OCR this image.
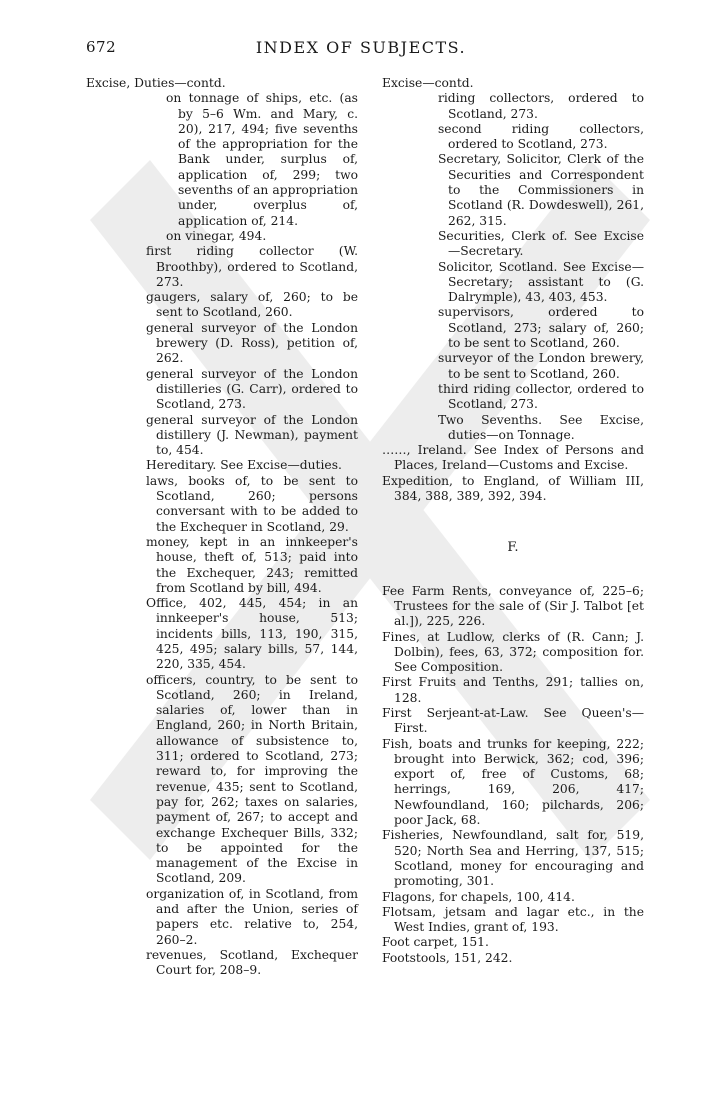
672	INDEX OF SUBJECTS.
Excise, Duties—contd.
on tonnage of ships, etc. (as by 5–6 Wm. and Mary, c. 20), 217, 494; five sevenths of the appropriation for the Bank under, surplus of, application of, 299; two sevenths of an appropriation under, overplus of, application of, 214.
on vinegar, 494.
first riding collector (W. Broothby), ordered to Scotland, 273.
gaugers, salary of, 260; to be sent to Scotland, 260.
general surveyor of the London brewery (D. Ross), petition of, 262.
general surveyor of the London distilleries (G. Carr), ordered to Scotland, 273.
general surveyor of the London distillery (J. Newman), payment to, 454.
Hereditary. See Excise—duties.
laws, books of, to be sent to Scotland, 260; persons conversant with to be added to the Exchequer in Scotland, 29.
money, kept in an innkeeper's house, theft of, 513; paid into the Exchequer, 243; remitted from Scotland by bill, 494.
Office, 402, 445, 454; in an innkeeper's house, 513; incidents bills, 113, 190, 315, 425, 495; salary bills, 57, 144, 220, 335, 454.
officers, country, to be sent to Scotland, 260; in Ireland, salaries of, lower than in England, 260; in North Britain, allowance of subsistence to, 311; ordered to Scotland, 273; reward to, for improving the revenue, 435; sent to Scotland, pay for, 262; taxes on salaries, payment of, 267; to accept and exchange Exchequer Bills, 332; to be appointed for the management of the Excise in Scotland, 209.
organization of, in Scotland, from and after the Union, series of papers etc. relative to, 254, 260–2.
revenues, Scotland, Exchequer Court for, 208–9.
Excise—contd.
riding collectors, ordered to Scotland, 273.
second riding collectors, ordered to Scotland, 273.
Secretary, Solicitor, Clerk of the Securities and Correspondent to the Commissioners in Scotland (R. Dowdeswell), 261, 262, 315.
Securities, Clerk of. See Excise—Secretary.
Solicitor, Scotland. See Excise—Secretary; assistant to (G. Dalrymple), 43, 403, 453.
supervisors, ordered to Scotland, 273; salary of, 260; to be sent to Scotland, 260.
surveyor of the London brewery, to be sent to Scotland, 260.
third riding collector, ordered to Scotland, 273.
Two Sevenths. See Excise, duties—on Tonnage.
……, Ireland. See Index of Persons and Places, Ireland—Customs and Excise.
Expedition, to England, of William III, 384, 388, 389, 392, 394.
F.
Fee Farm Rents, conveyance of, 225–6; Trustees for the sale of (Sir J. Talbot [et al.]), 225, 226.
Fines, at Ludlow, clerks of (R. Cann; J. Dolbin), fees, 63, 372; composition for. See Composition.
First Fruits and Tenths, 291; tallies on, 128.
First Serjeant-at-Law. See Queen's—First.
Fish, boats and trunks for keeping, 222; brought into Berwick, 362; cod, 396; export of, free of Customs, 68; herrings, 169, 206, 417; Newfoundland, 160; pilchards, 206; poor Jack, 68.
Fisheries, Newfoundland, salt for, 519, 520; North Sea and Herring, 137, 515; Scotland, money for encouraging and promoting, 301.
Flagons, for chapels, 100, 414.
Flotsam, jetsam and lagar etc., in the West Indies, grant of, 193.
Foot carpet, 151.
Footstools, 151, 242.
